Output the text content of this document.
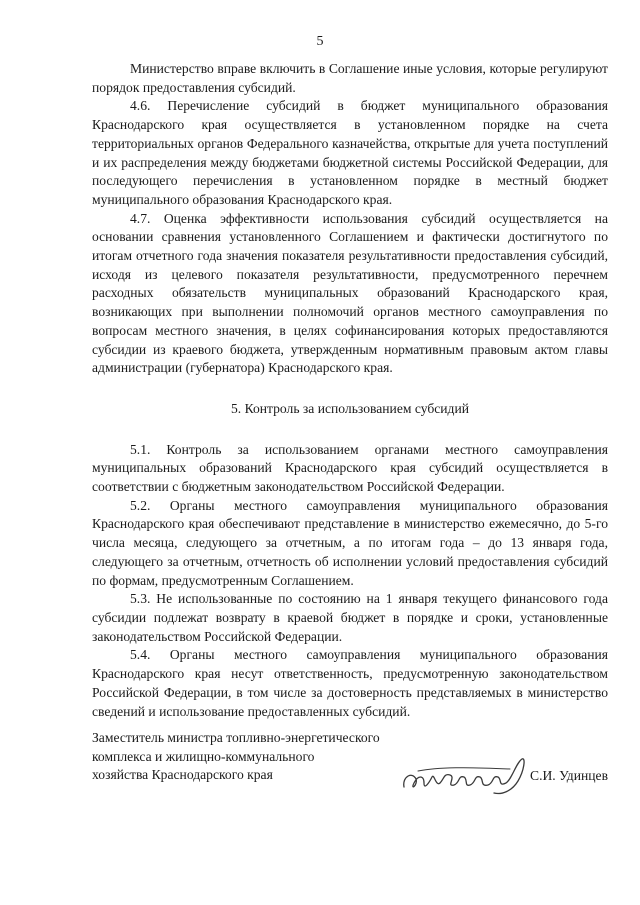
5

Министерство вправе включить в Соглашение иные условия, которые регулируют порядок предоставления субсидий.

4.6. Перечисление субсидий в бюджет муниципального образования Краснодарского края осуществляется в установленном порядке на счета территориальных органов Федерального казначейства, открытые для учета поступлений и их распределения между бюджетами бюджетной системы Российской Федерации, для последующего перечисления в установленном порядке в местный бюджет муниципального образования Краснодарского края.

4.7. Оценка эффективности использования субсидий осуществляется на основании сравнения установленного Соглашением и фактически достигнутого по итогам отчетного года значения показателя результативности предоставления субсидий, исходя из целевого показателя результативности, предусмотренного перечнем расходных обязательств муниципальных образований Краснодарского края, возникающих при выполнении полномочий органов местного самоуправления по вопросам местного значения, в целях софинансирования которых предоставляются субсидии из краевого бюджета, утвержденным нормативным правовым актом главы администрации (губернатора) Краснодарского края.

5. Контроль за использованием субсидий

5.1. Контроль за использованием органами местного самоуправления муниципальных образований Краснодарского края субсидий осуществляется в соответствии с бюджетным законодательством Российской Федерации.

5.2. Органы местного самоуправления муниципального образования Краснодарского края обеспечивают представление в министерство ежемесячно, до 5-го числа месяца, следующего за отчетным, а по итогам года – до 13 января года, следующего за отчетным, отчетность об исполнении условий предоставления субсидий по формам, предусмотренным Соглашением.

5.3. Не использованные по состоянию на 1 января текущего финансового года субсидии подлежат возврату в краевой бюджет в порядке и сроки, установленные законодательством Российской Федерации.

5.4. Органы местного самоуправления муниципального образования Краснодарского края несут ответственность, предусмотренную законодательством Российской Федерации, в том числе за достоверность представляемых в министерство сведений и использование предоставленных субсидий.

Заместитель министра топливно-энергетического
комплекса и жилищно-коммунального
хозяйства Краснодарского края	С.И. Удинцев
